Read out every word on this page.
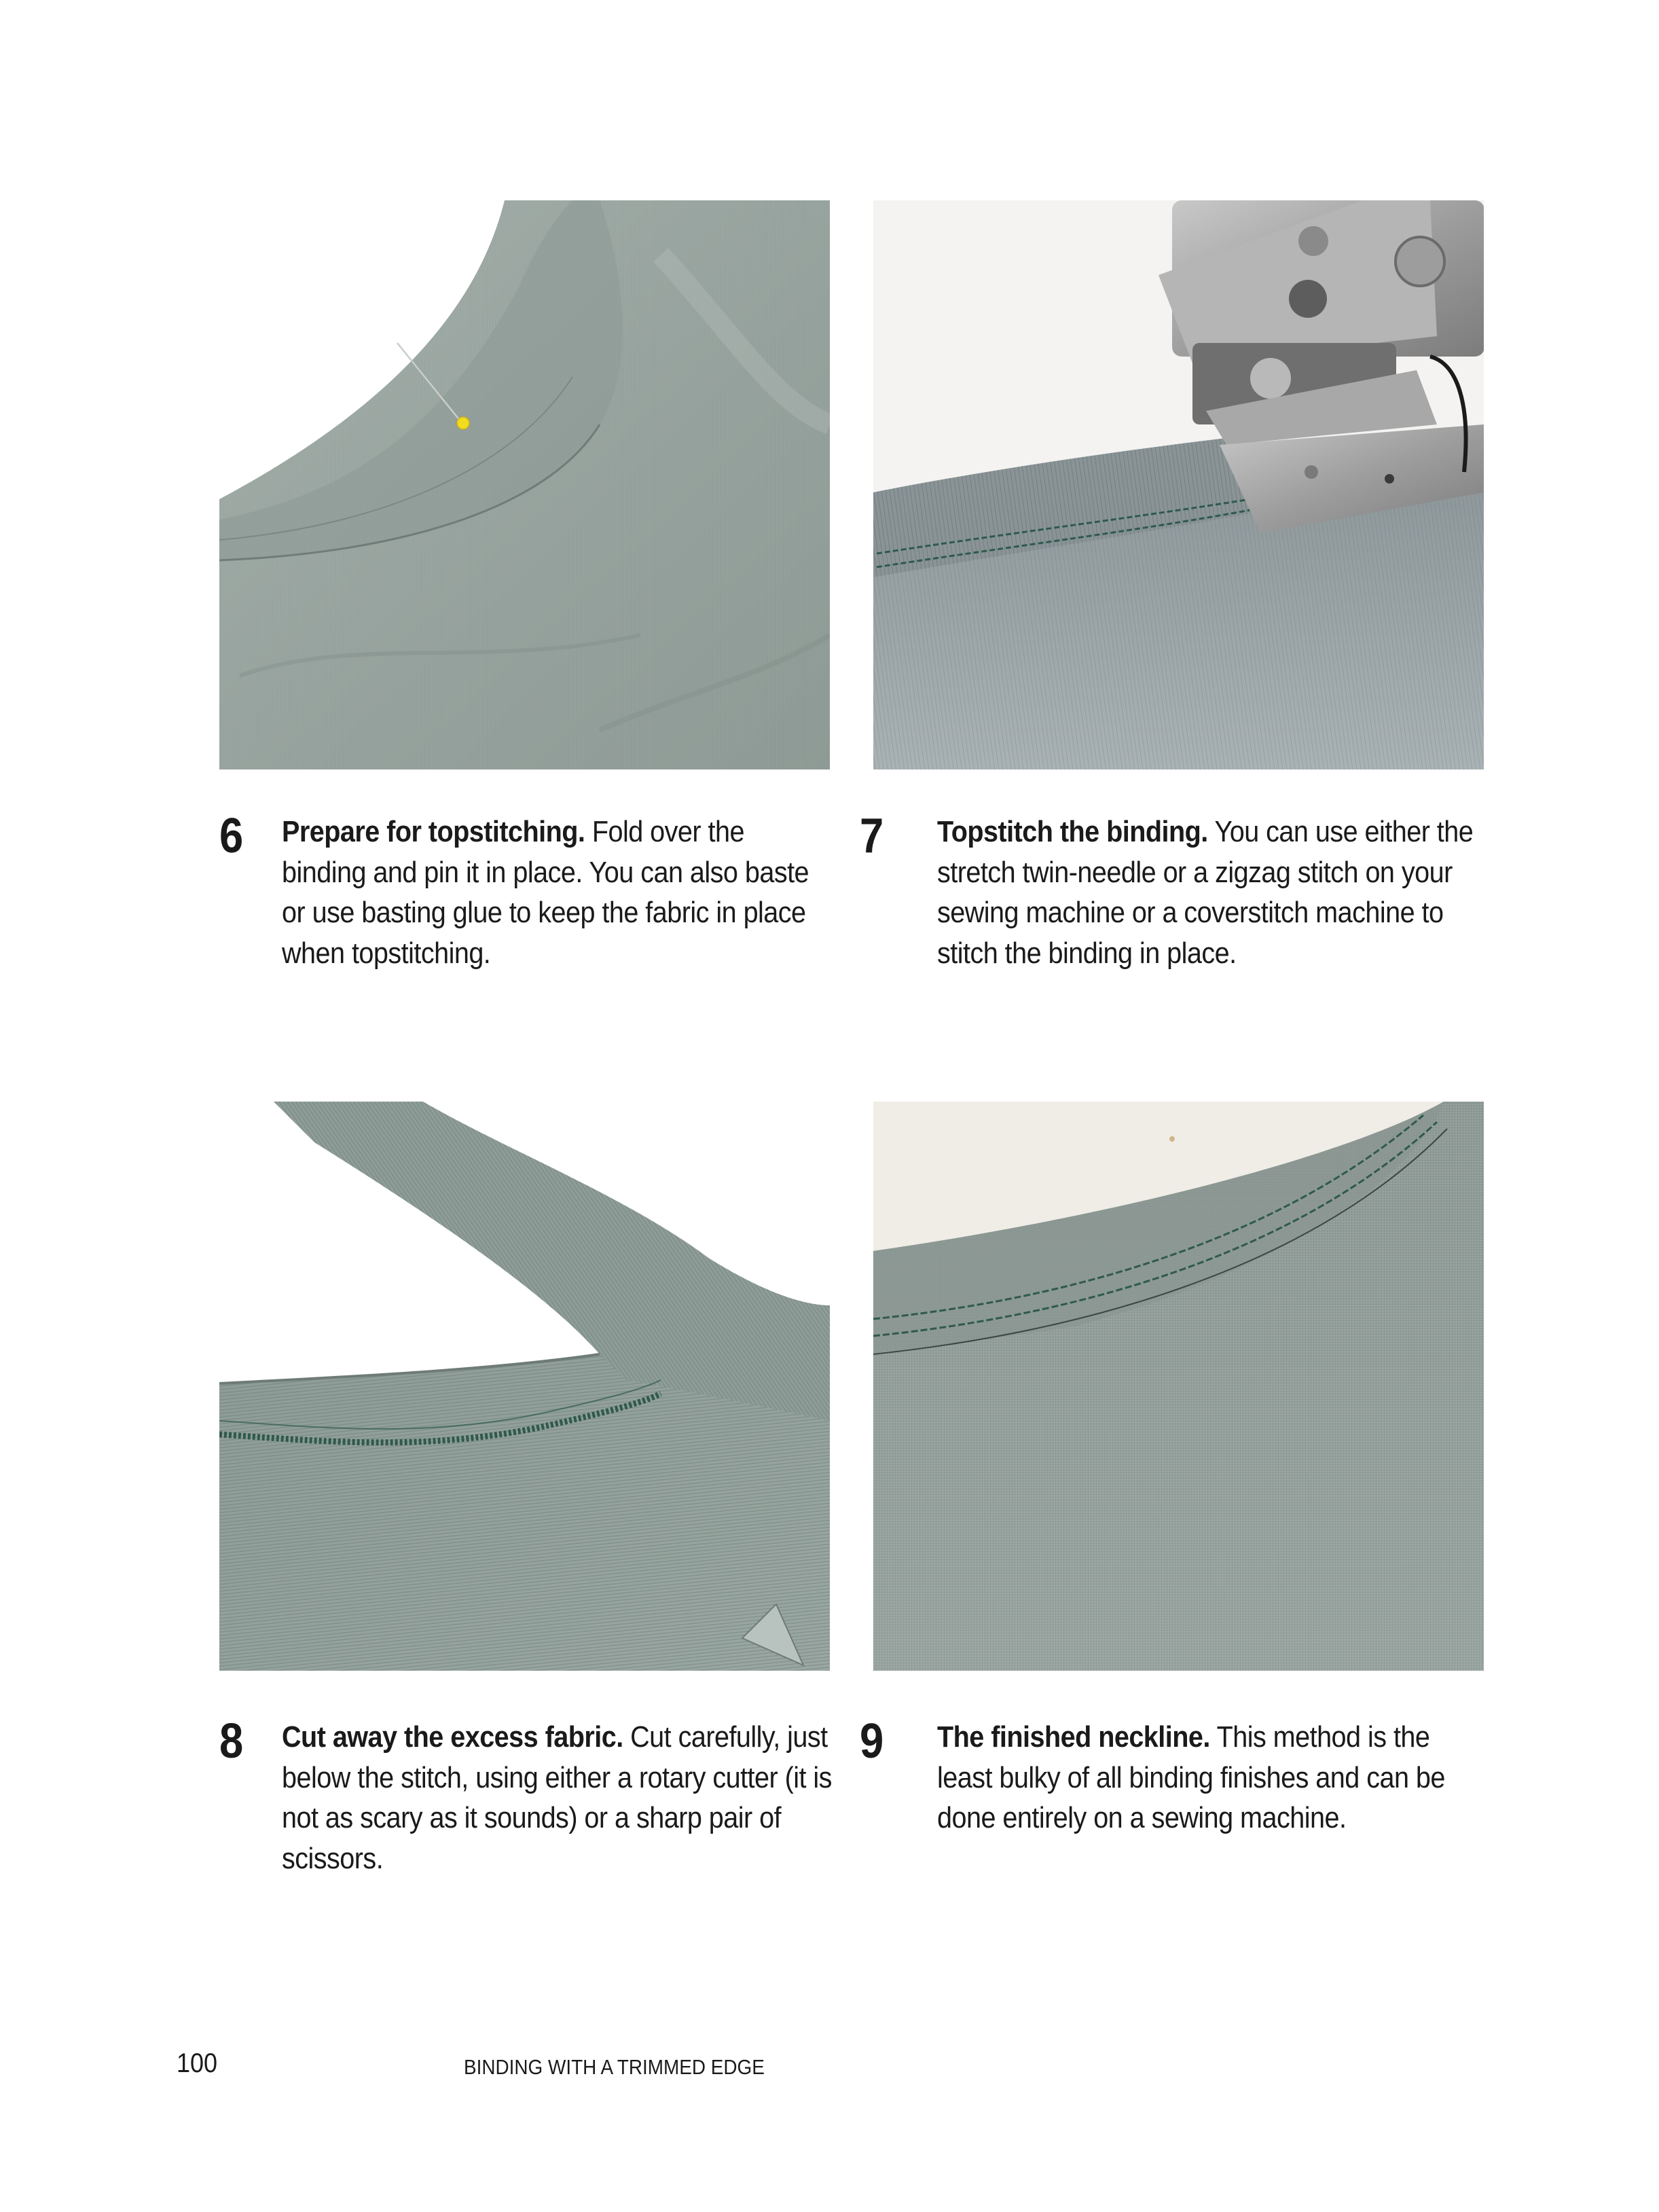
6 Prepare for topstitching. Fold over the binding and pin it in place. You can also baste or use basting glue to keep the fabric in place when topstitching.
7 Topstitch the binding. You can use either the stretch twin-needle or a zigzag stitch on your sewing machine or a coverstitch machine to stitch the binding in place.
8 Cut away the excess fabric. Cut carefully, just below the stitch, using either a rotary cutter (it is not as scary as it sounds) or a sharp pair of scissors.
9 The finished neckline. This method is the least bulky of all binding finishes and can be done entirely on a sewing machine.
100	BINDING WITH A TRIMMED EDGE
